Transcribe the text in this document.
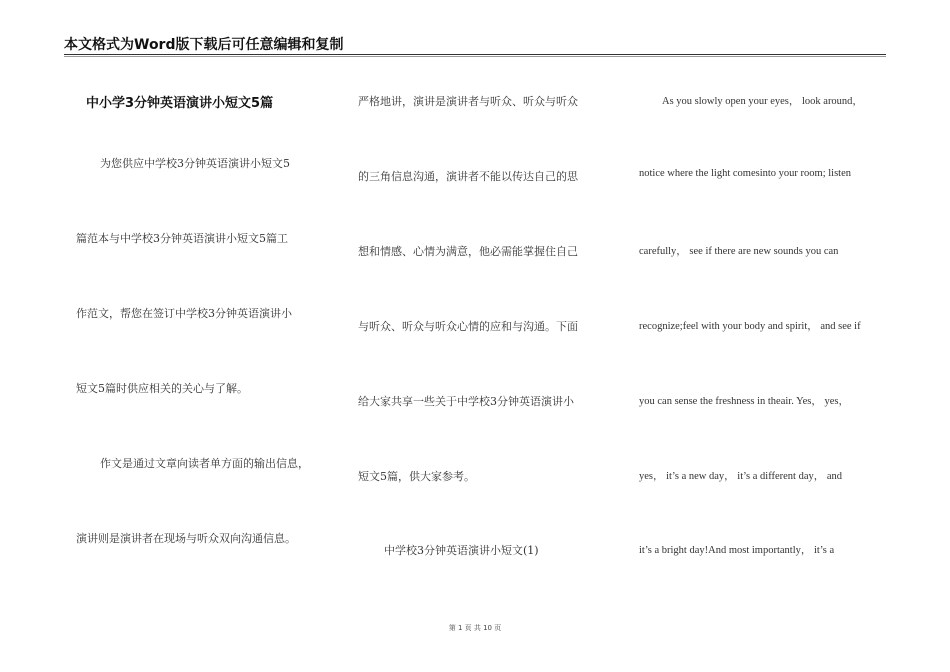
本文格式为Word版下载后可任意编辑和复制
中小学3分钟英语演讲小短文5篇
为您供应中学校3分钟英语演讲小短文5
篇范本与中学校3分钟英语演讲小短文5篇工
作范文，帮您在签订中学校3分钟英语演讲小
短文5篇时供应相关的关心与了解。
作文是通过文章向读者单方面的输出信息，
演讲则是演讲者在现场与听众双向沟通信息。
严格地讲，演讲是演讲者与听众、听众与听众
的三角信息沟通，演讲者不能以传达自己的思
想和情感、心情为满意，他必需能掌握住自己
与听众、听众与听众心情的应和与沟通。下面
给大家共享一些关于中学校3分钟英语演讲小
短文5篇，供大家参考。
中学校3分钟英语演讲小短文(1)
As you slowly open your eyes， look around，
notice where the light comesinto your room; listen
carefully， see if there are new sounds you can
recognize;feel with your body and spirit， and see if
you can sense the freshness in theair. Yes， yes，
yes， it’s a new day， it’s a different day， and
it’s a bright day!And most importantly， it’s a
第 1 页 共 10 页
